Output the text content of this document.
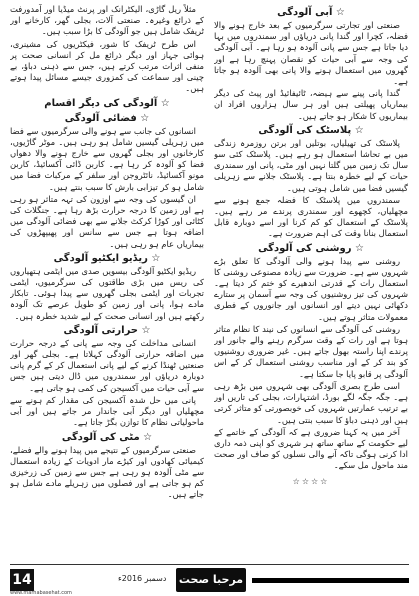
مثلاً ریل گاڑی، الیکٹرانک اور پرنٹ میڈیا اور آمدورفت کے ذرائع وغیرہ۔ صنعتی آلات، بجلی گھر، کارخانے اور ٹریفک شامل ہیں جو آلودگی کا بڑا سبب ہیں۔

اس طرح ٹریفک کا شور، فیکٹریوں کی مشینری، ہوائی جہاز اور دیگر ذرائع مل کر انسانی صحت پر منفی اثرات مرتب کرتے ہیں، جس سے ذہنی دباؤ، بے چینی اور سماعت کی کمزوری جیسے مسائل پیدا ہوتے ہیں۔

☆ آلودگی کی دیگر اقسام
☆ فضائی آلودگی

انسانوں کی جانب سے ہونے والی سرگرمیوں سے فضا میں زہریلی گیسیں شامل ہو رہی ہیں۔ موٹر گاڑیوں، کارخانوں اور بجلی گھروں سے خارج ہونے والا دھواں فضا کو آلودہ کر رہا ہے۔ کاربن ڈائی آکسائیڈ، کاربن مونو آکسائیڈ، نائٹروجن اور سلفر کے مرکبات فضا میں شامل ہو کر تیزابی بارش کا سبب بنتے ہیں۔

ان گیسوں کی وجہ سے اوزون کی تہہ متاثر ہو رہی ہے اور زمین کا درجہ حرارت بڑھ رہا ہے۔ جنگلات کی کٹائی اور کوڑا کرکٹ جلانے سے بھی فضائی آلودگی میں اضافہ ہوتا ہے جس سے سانس اور پھیپھڑوں کی بیماریاں عام ہو رہی ہیں۔

☆ ریڈیو ایکٹیو آلودگی

ریڈیو ایکٹیو آلودگی بیسویں صدی میں ایٹمی ہتھیاروں کی ریس میں بڑی طاقتوں کی سرگرمیوں، ایٹمی تجربات اور ایٹمی بجلی گھروں سے پیدا ہوئی۔ تابکار مادے ہوا، پانی اور زمین کو طویل عرصے تک آلودہ رکھتے ہیں اور انسانی صحت کے لیے شدید خطرہ ہیں۔

☆ حرارتی آلودگی

انسانی مداخلت کی وجہ سے پانی کے درجہ حرارت میں اضافہ حرارتی آلودگی کہلاتا ہے۔ بجلی گھر اور صنعتیں ٹھنڈا کرنے کے لیے پانی استعمال کر کے گرم پانی دوبارہ دریاؤں اور سمندروں میں ڈال دیتی ہیں جس سے آبی حیات میں آکسیجن کی کمی ہو جاتی ہے۔

پانی میں حل شدہ آکسیجن کی مقدار کم ہونے سے مچھلیاں اور دیگر آبی جاندار مر جاتے ہیں اور آبی ماحولیاتی نظام کا توازن بگڑ جاتا ہے۔

☆ مٹی کی آلودگی

صنعتی سرگرمیوں کے نتیجے میں پیدا ہونے والے فضلے، کیمیائی کھادوں اور کیڑے مار ادویات کے زیادہ استعمال سے مٹی آلودہ ہو رہی ہے جس سے زمین کی زرخیزی کم ہو جاتی ہے اور فصلوں میں زہریلے مادے شامل ہو جاتے ہیں۔

☆ آبی آلودگی

صنعتی اور تجارتی سرگرمیوں کے بعد خارج ہونے والا فضلہ، کچرا اور گندا پانی دریاؤں اور سمندروں میں بہا دیا جاتا ہے جس سے پانی آلودہ ہو رہا ہے۔ آبی آلودگی کی وجہ سے آبی حیات کو نقصان پہنچ رہا ہے اور گھروں میں استعمال ہونے والا پانی بھی آلودہ ہو جاتا ہے۔

گندا پانی پینے سے ہیضہ، ٹائیفائیڈ اور پیٹ کی دیگر بیماریاں پھیلتی ہیں اور ہر سال ہزاروں افراد ان بیماریوں کا شکار ہو جاتے ہیں۔

☆ پلاسٹک کی آلودگی

پلاسٹک کی تھیلیاں، بوتلیں اور برتن روزمرہ زندگی میں بے تحاشا استعمال ہو رہے ہیں۔ پلاسٹک کئی سو سال تک زمین میں گلتا نہیں اور مٹی، پانی اور سمندری حیات کے لیے خطرہ بنتا ہے۔ پلاسٹک جلانے سے زہریلی گیسیں فضا میں شامل ہوتی ہیں۔

سمندروں میں پلاسٹک کا فضلہ جمع ہونے سے مچھلیاں، کچھوے اور سمندری پرندے مر رہے ہیں۔ پلاسٹک کے استعمال کو کم کرنا اور اسے دوبارہ قابل استعمال بنانا وقت کی اہم ضرورت ہے۔

☆ روشنی کی آلودگی

روشنی سے پیدا ہونے والی آلودگی کا تعلق بڑے شہروں سے ہے۔ ضرورت سے زیادہ مصنوعی روشنی کا استعمال رات کے قدرتی اندھیرے کو ختم کر دیتا ہے۔ شہروں کی تیز روشنیوں کی وجہ سے آسمان پر ستارے دکھائی نہیں دیتے اور انسانوں اور جانوروں کے فطری معمولات متاثر ہوتے ہیں۔

روشنی کی آلودگی سے انسانوں کی نیند کا نظام متاثر ہوتا ہے اور رات کے وقت سرگرم رہنے والے جانور اور پرندے اپنا راستہ بھول جاتے ہیں۔ غیر ضروری روشنیوں کو بند کر کے اور مناسب روشنی استعمال کر کے اس آلودگی پر قابو پایا جا سکتا ہے۔

اسی طرح بصری آلودگی بھی شہروں میں بڑھ رہی ہے۔ جگہ جگہ لگے بورڈ، اشتہارات، بجلی کی تاریں اور بے ترتیب عمارتیں شہروں کی خوبصورتی کو متاثر کرتی ہیں اور ذہنی دباؤ کا سبب بنتی ہیں۔

آخر میں یہ کہنا ضروری ہے کہ آلودگی کے خاتمے کے لیے حکومت کے ساتھ ساتھ ہر شہری کو اپنی ذمہ داری ادا کرنی ہوگی تاکہ آنے والی نسلوں کو صاف اور صحت مند ماحول مل سکے۔

☆☆☆☆
14
www.marhabasehat.com
دسمبر 2016ء مرحبا صحت
